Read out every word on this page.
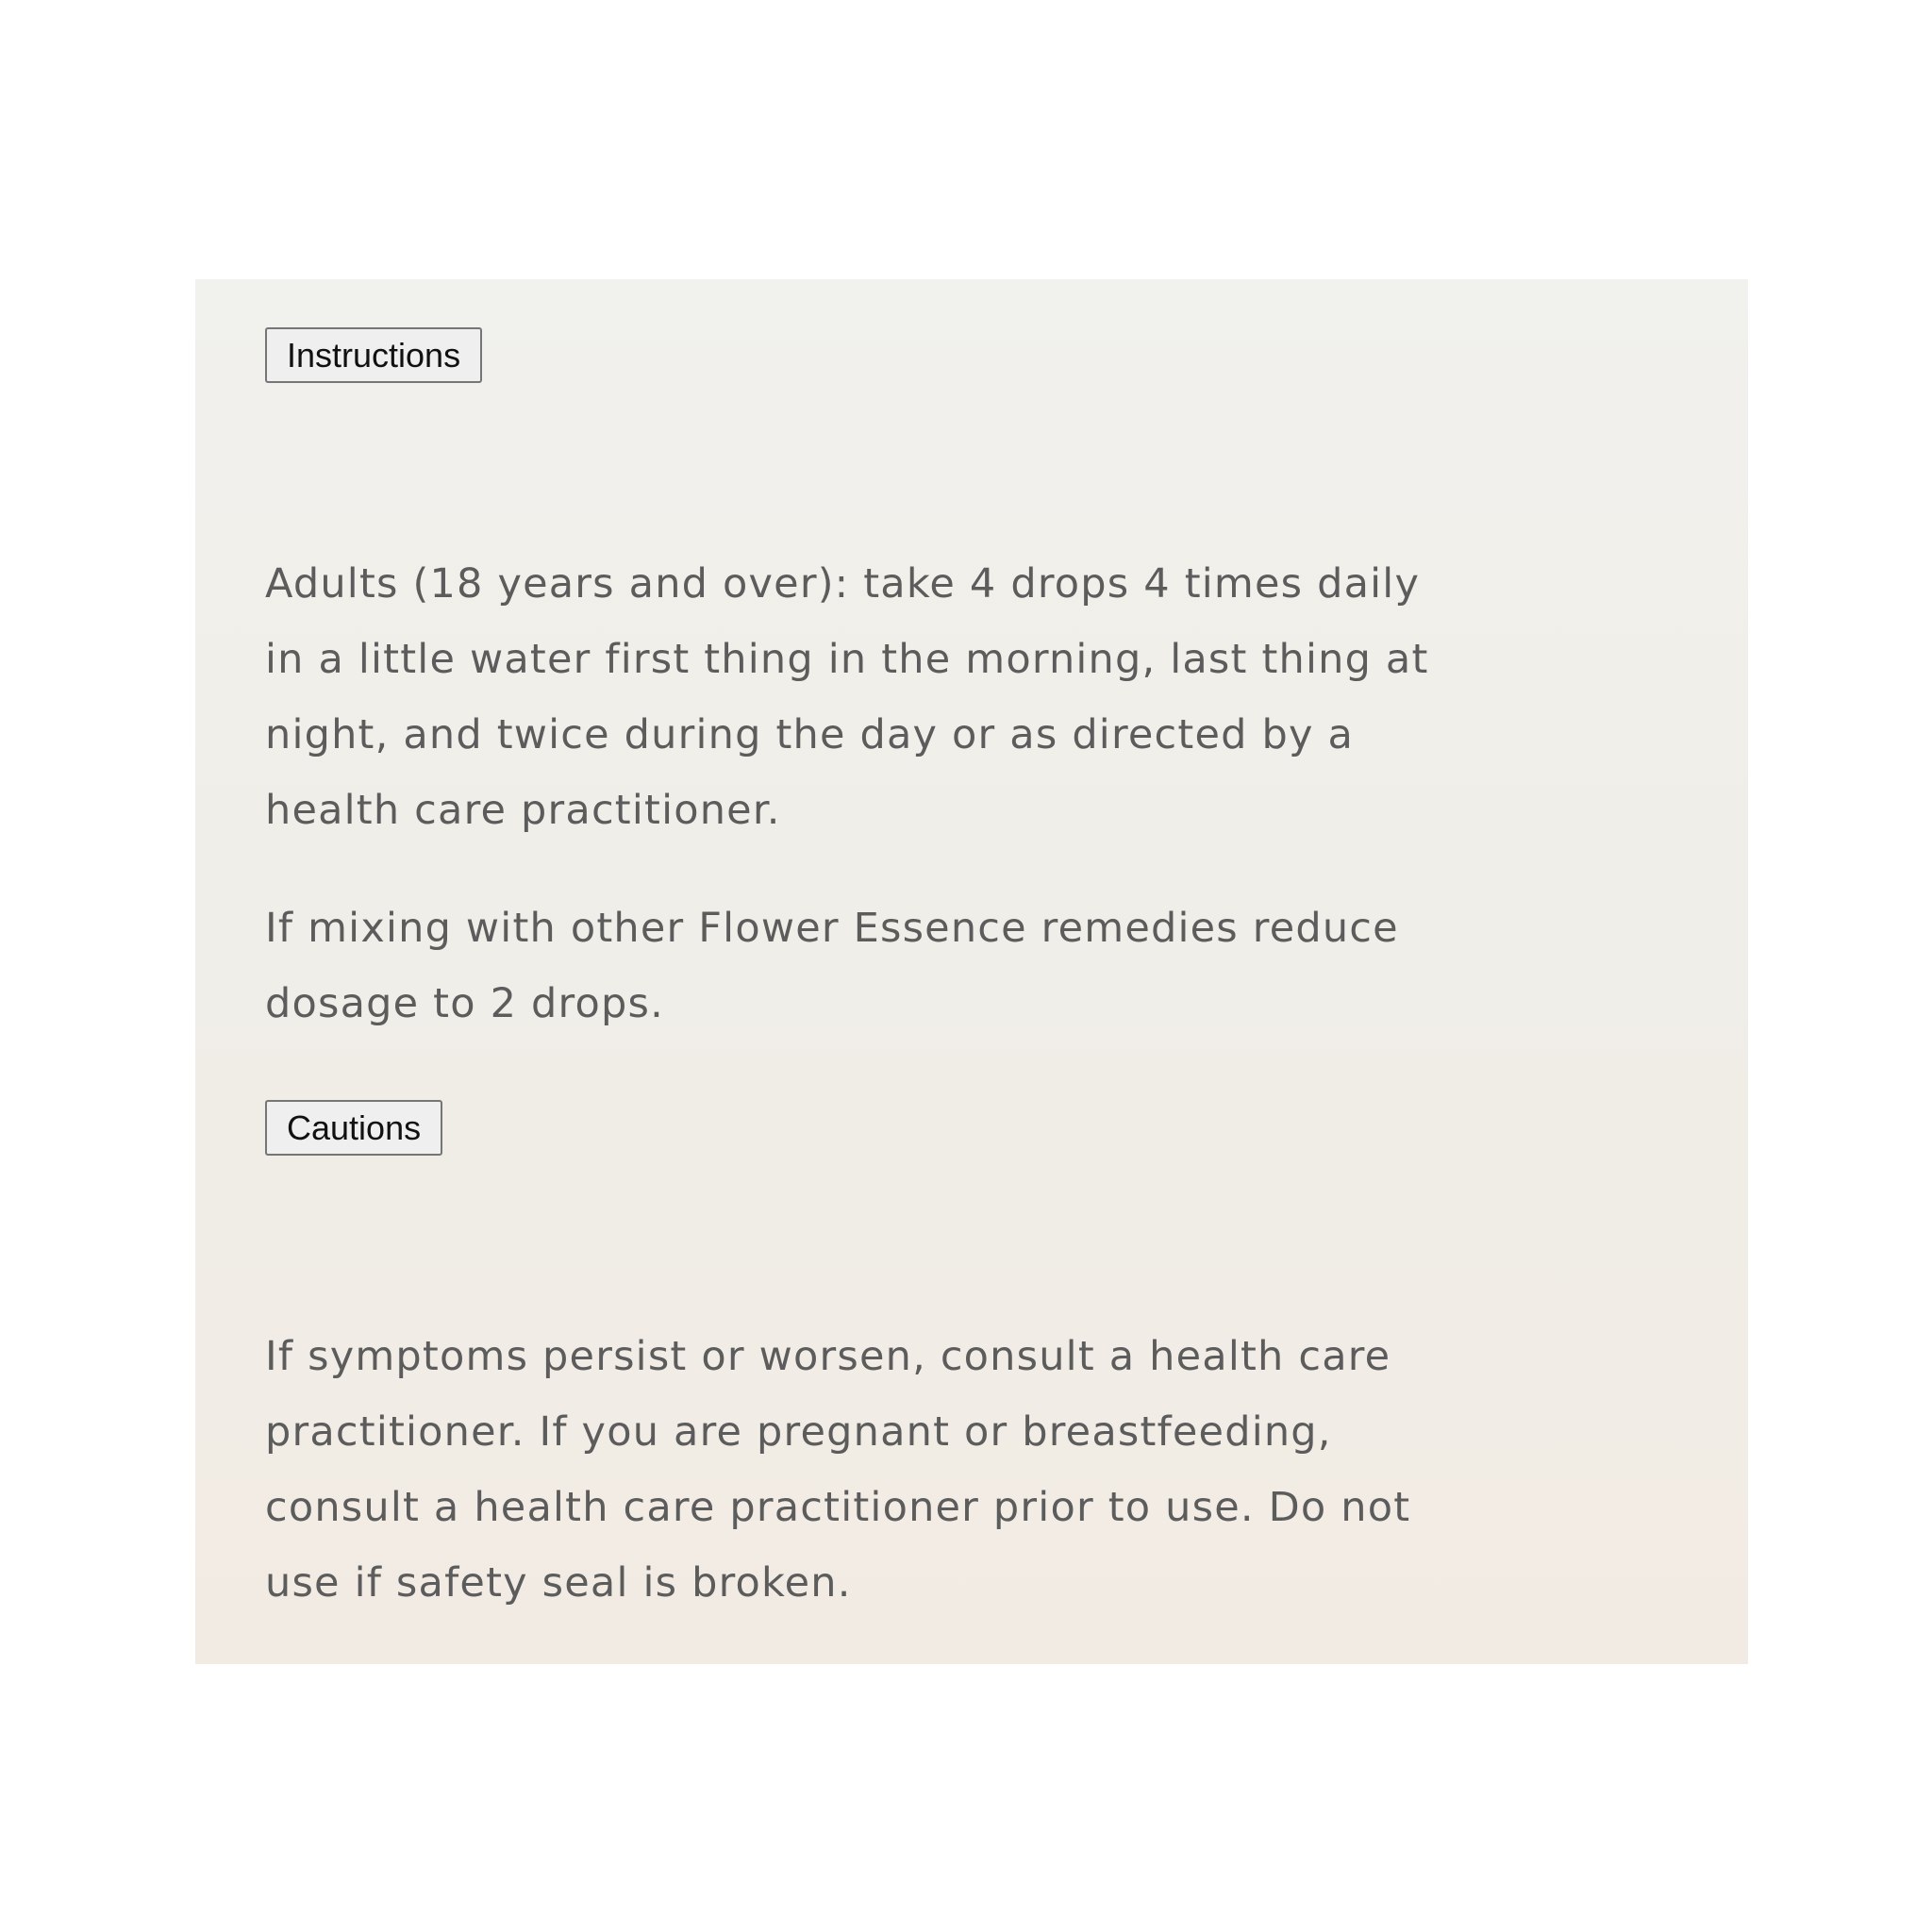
Instructions

Adults (18 years and over): take 4 drops 4 times daily in a little water first thing in the morning, last thing at night, and twice during the day or as directed by a health care practitioner.

If mixing with other Flower Essence remedies reduce dosage to 2 drops.

Cautions

If symptoms persist or worsen, consult a health care practitioner. If you are pregnant or breastfeeding, consult a health care practitioner prior to use. Do not use if safety seal is broken.
